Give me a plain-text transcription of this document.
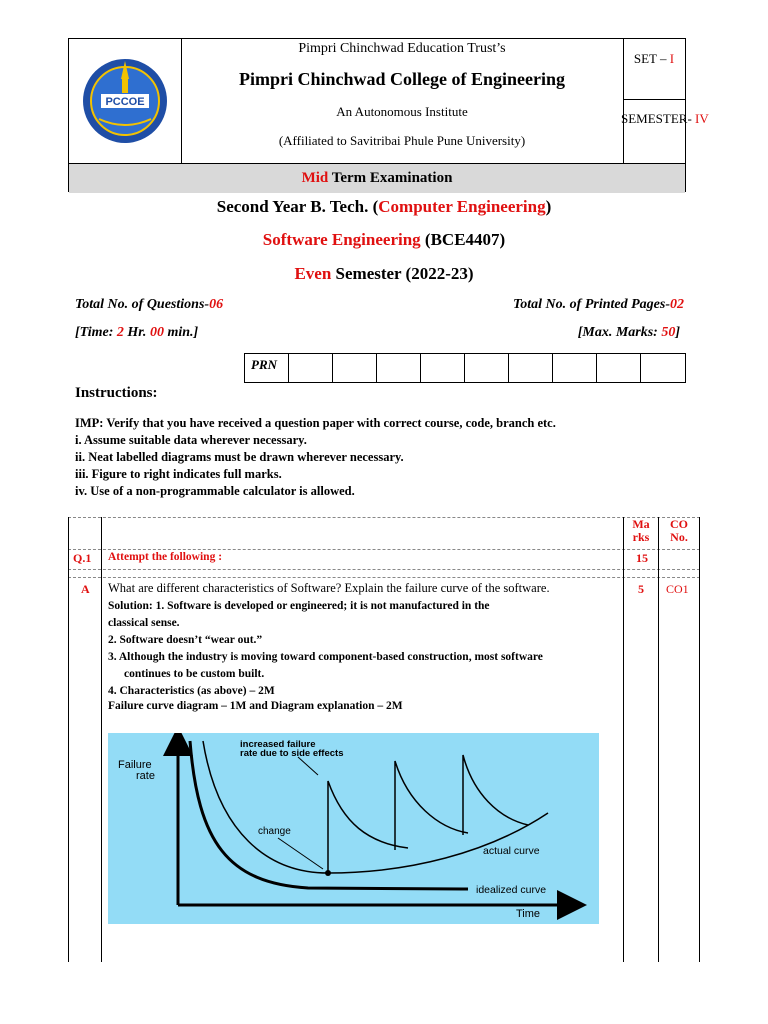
PCCOE
Pimpri Chinchwad Education Trust’s
Pimpri Chinchwad College of Engineering
An Autonomous Institute
(Affiliated to Savitribai Phule Pune University)
SET – I
SEMESTER- IV
Mid Term Examination
Second Year B. Tech. (Computer Engineering)
Software Engineering (BCE4407)
Even Semester (2022-23)
Total No. of Questions-06	Total No. of Printed Pages-02
[Time: 2 Hr. 00 min.]	[Max. Marks: 50]
PRN
Instructions:
IMP: Verify that you have received a question paper with correct course, code, branch etc.
i. Assume suitable data wherever necessary.
ii. Neat labelled diagrams must be drawn wherever necessary.
iii. Figure to right indicates full marks.
iv. Use of a non-programmable calculator is allowed.
Ma
rks
CO
No.
Q.1 Attempt the following :	15
A What are different characteristics of Software? Explain the failure curve of the software.	5 CO1
Solution: 1. Software is developed or engineered; it is not manufactured in the
classical sense.
2. Software doesn’t “wear out.”
3. Although the industry is moving toward component-based construction, most software
continues to be custom built.
4. Characteristics (as above) – 2M
Failure curve diagram – 1M and Diagram explanation – 2M
Failure
rate
increased failure
rate due to side effects
change
actual curve
idealized curve
Time
